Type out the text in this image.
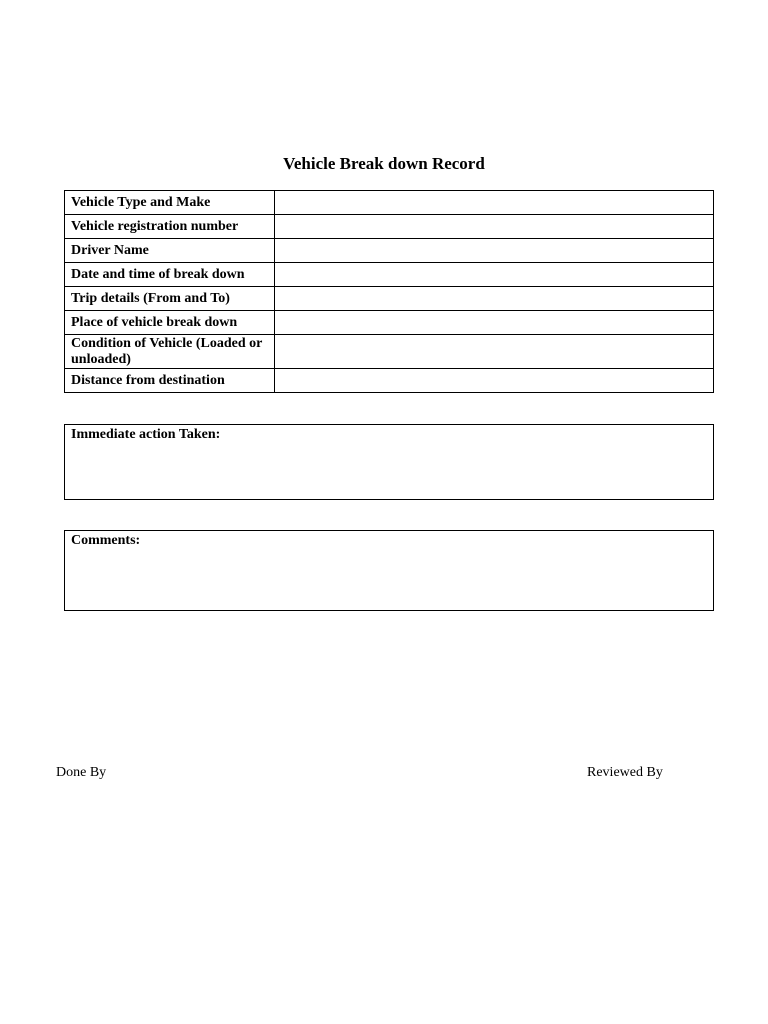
Vehicle Break down Record
Vehicle Type and Make	
Vehicle registration number	
Driver Name	
Date and time of break down	
Trip details (From and To)	
Place of vehicle break down	
Condition of Vehicle (Loaded or unloaded)	
Distance from destination	
Immediate action Taken:
Comments:
Done By	Reviewed By
